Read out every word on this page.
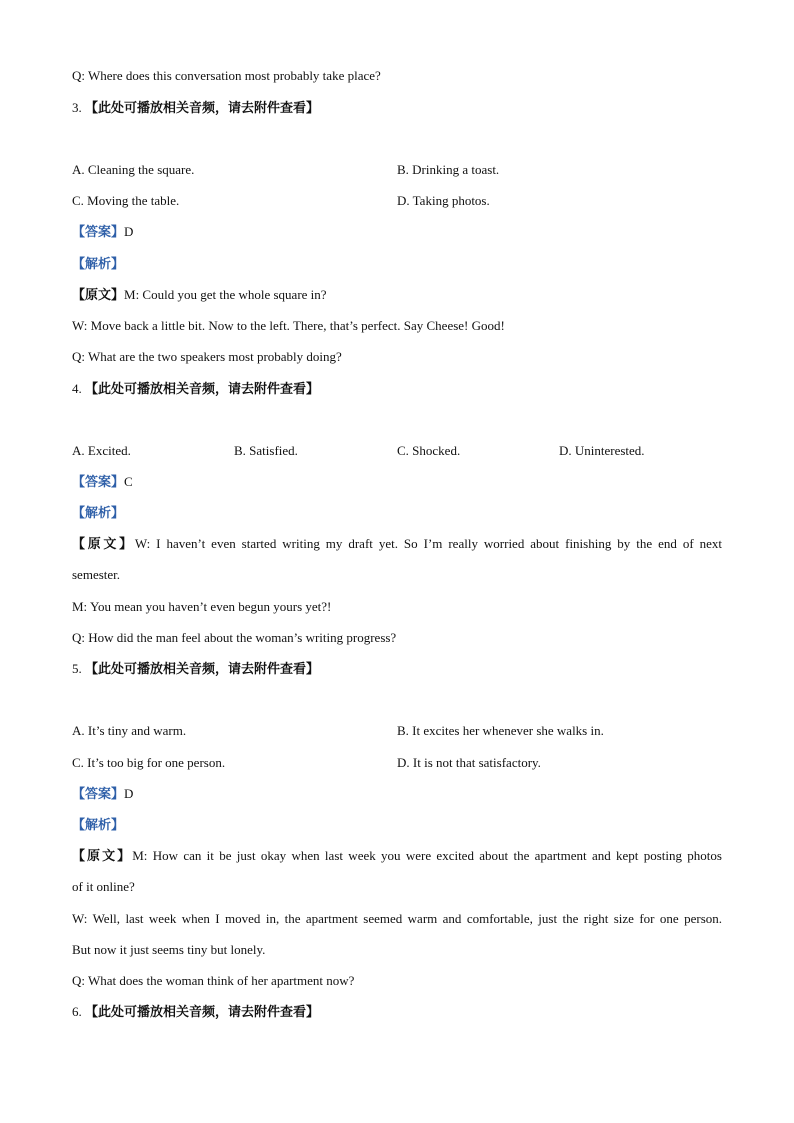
Q: Where does this conversation most probably take place?
3. 【此处可播放相关音频，请去附件查看】
A. Cleaning the square.	B. Drinking a toast.
C. Moving the table.	D. Taking photos.
【答案】D
【解析】
【原文】M: Could you get the whole square in?
W: Move back a little bit. Now to the left. There, that’s perfect. Say Cheese! Good!
Q: What are the two speakers most probably doing?
4. 【此处可播放相关音频，请去附件查看】
A. Excited.	B. Satisfied.	C. Shocked.	D. Uninterested.
【答案】C
【解析】
【原文】W: I haven’t even started writing my draft yet. So I’m really worried about finishing by the end of next
semester.
M: You mean you haven’t even begun yours yet?!
Q: How did the man feel about the woman’s writing progress?
5. 【此处可播放相关音频，请去附件查看】
A. It’s tiny and warm.	B. It excites her whenever she walks in.
C. It’s too big for one person.	D. It is not that satisfactory.
【答案】D
【解析】
【原文】M: How can it be just okay when last week you were excited about the apartment and kept posting photos
of it online?
W: Well, last week when I moved in, the apartment seemed warm and comfortable, just the right size for one person.
But now it just seems tiny but lonely.
Q: What does the woman think of her apartment now?
6. 【此处可播放相关音频，请去附件查看】
